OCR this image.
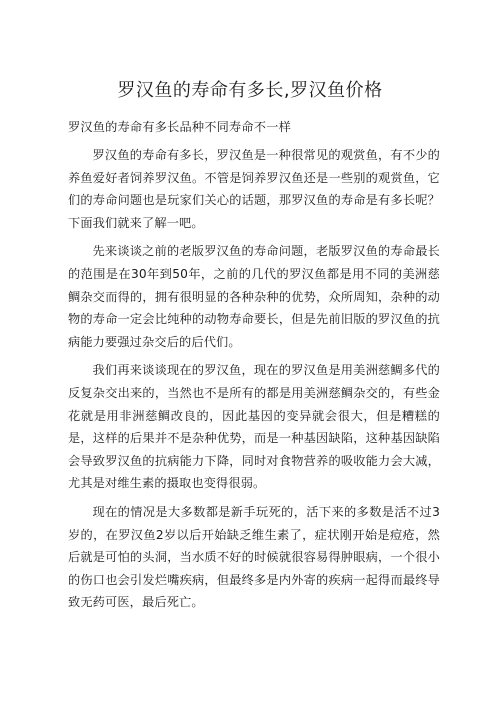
罗汉鱼的寿命有多长,罗汉鱼价格

罗汉鱼的寿命有多长品种不同寿命不一样

罗汉鱼的寿命有多长，罗汉鱼是一种很常见的观赏鱼，有不少的养鱼爱好者饲养罗汉鱼。不管是饲养罗汉鱼还是一些别的观赏鱼，它们的寿命问题也是玩家们关心的话题，那罗汉鱼的寿命是有多长呢？下面我们就来了解一吧。

先来谈谈之前的老版罗汉鱼的寿命问题，老版罗汉鱼的寿命最长的范围是在30年到50年，之前的几代的罗汉鱼都是用不同的美洲慈鲷杂交而得的，拥有很明显的各种杂种的优势，众所周知，杂种的动物的寿命一定会比纯种的动物寿命要长，但是先前旧版的罗汉鱼的抗病能力要强过杂交后的后代们。

我们再来谈谈现在的罗汉鱼，现在的罗汉鱼是用美洲慈鲷多代的反复杂交出来的，当然也不是所有的都是用美洲慈鲷杂交的，有些金花就是用非洲慈鲷改良的，因此基因的变异就会很大，但是糟糕的是，这样的后果并不是杂种优势，而是一种基因缺陷，这种基因缺陷会导致罗汉鱼的抗病能力下降，同时对食物营养的吸收能力会大减，尤其是对维生素的摄取也变得很弱。

现在的情况是大多数都是新手玩死的，活下来的多数是活不过3岁的，在罗汉鱼2岁以后开始缺乏维生素了，症状刚开始是痘疮，然后就是可怕的头洞，当水质不好的时候就很容易得肿眼病，一个很小的伤口也会引发烂嘴疾病，但最终多是内外寄的疾病一起得而最终导致无药可医，最后死亡。
